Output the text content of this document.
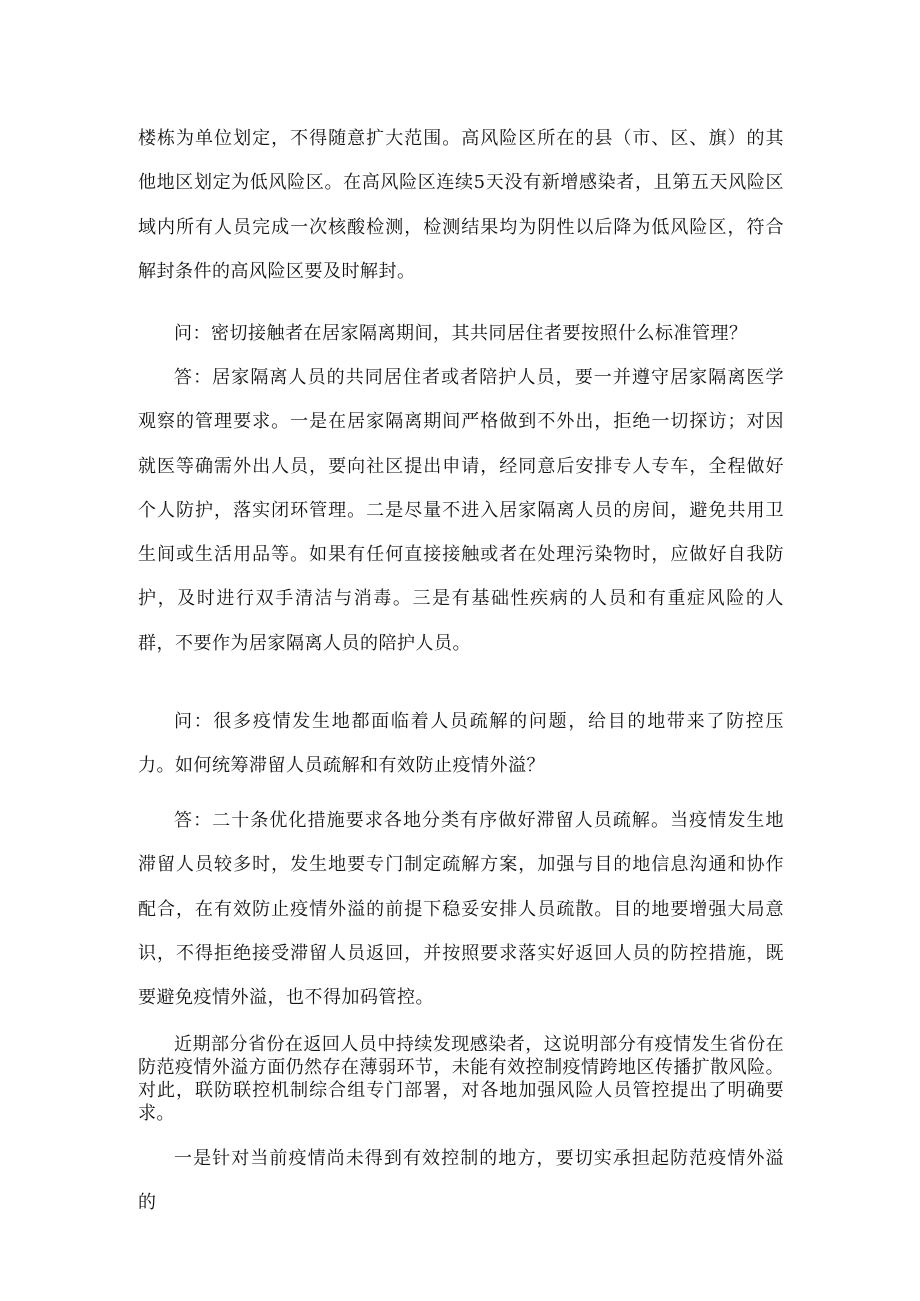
楼栋为单位划定，不得随意扩大范围。高风险区所在的县（市、区、旗）的其他地区划定为低风险区。在高风险区连续5天没有新增感染者，且第五天风险区域内所有人员完成一次核酸检测，检测结果均为阴性以后降为低风险区，符合解封条件的高风险区要及时解封。

问：密切接触者在居家隔离期间，其共同居住者要按照什么标准管理？

答：居家隔离人员的共同居住者或者陪护人员，要一并遵守居家隔离医学观察的管理要求。一是在居家隔离期间严格做到不外出，拒绝一切探访；对因就医等确需外出人员，要向社区提出申请，经同意后安排专人专车，全程做好个人防护，落实闭环管理。二是尽量不进入居家隔离人员的房间，避免共用卫生间或生活用品等。如果有任何直接接触或者在处理污染物时，应做好自我防护，及时进行双手清洁与消毒。三是有基础性疾病的人员和有重症风险的人群，不要作为居家隔离人员的陪护人员。

问：很多疫情发生地都面临着人员疏解的问题，给目的地带来了防控压力。如何统筹滞留人员疏解和有效防止疫情外溢？

答：二十条优化措施要求各地分类有序做好滞留人员疏解。当疫情发生地滞留人员较多时，发生地要专门制定疏解方案，加强与目的地信息沟通和协作配合，在有效防止疫情外溢的前提下稳妥安排人员疏散。目的地要增强大局意识，不得拒绝接受滞留人员返回，并按照要求落实好返回人员的防控措施，既要避免疫情外溢，也不得加码管控。

近期部分省份在返回人员中持续发现感染者，这说明部分有疫情发生省份在防范疫情外溢方面仍然存在薄弱环节，未能有效控制疫情跨地区传播扩散风险。对此，联防联控机制综合组专门部署，对各地加强风险人员管控提出了明确要求。

一是针对当前疫情尚未得到有效控制的地方，要切实承担起防范疫情外溢的
